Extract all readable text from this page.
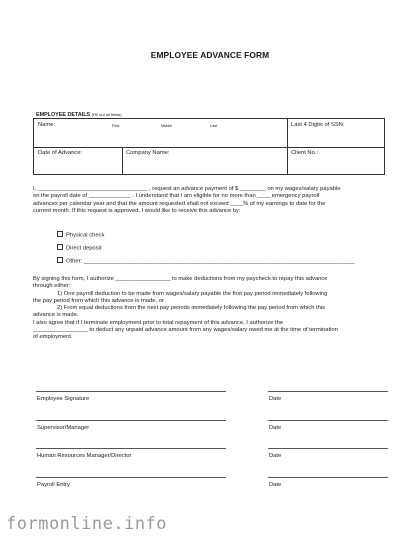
EMPLOYEE ADVANCE FORM
EMPLOYEE DETAILS (Fill out all fields)
Name:	First	Middle	Last	Last 4 Digits of SSN:
Date of Advance:	Company Name:	Client No.:
I, __________________________________ , request an advance payment of $ ________ on my wages/salary payable
on the payroll date of _____________ . I understand that I am eligible for no more than ____ emergency payroll
advances per calendar year and that the amount requested shall not exceed ____% of my earnings to date for the
current month. If this request is approved, I would like to receive this advance by:
Physical check
Direct deposit
Other: ____________________________________________________________________________________
By signing this form, I authorize _________________ to make deductions from my paycheck to repay this advance
through either:
1) One payroll deduction to be made from wages/salary payable the first pay period immediately following
the pay period from which this advance is made, or
2) From equal deductions from the next pay periods immediately following the pay period from which this
advance is made.
I also agree that if I terminate employment prior to total repayment of this advance, I authorize the
_________________ to deduct any unpaid advance amount from any wages/salary owed me at the time of termination
of employment.
Employee Signature	Date
Supervisor/Manager	Date
Human Resources Manager/Director	Date
Payroll Entry	Date
formonline.info
